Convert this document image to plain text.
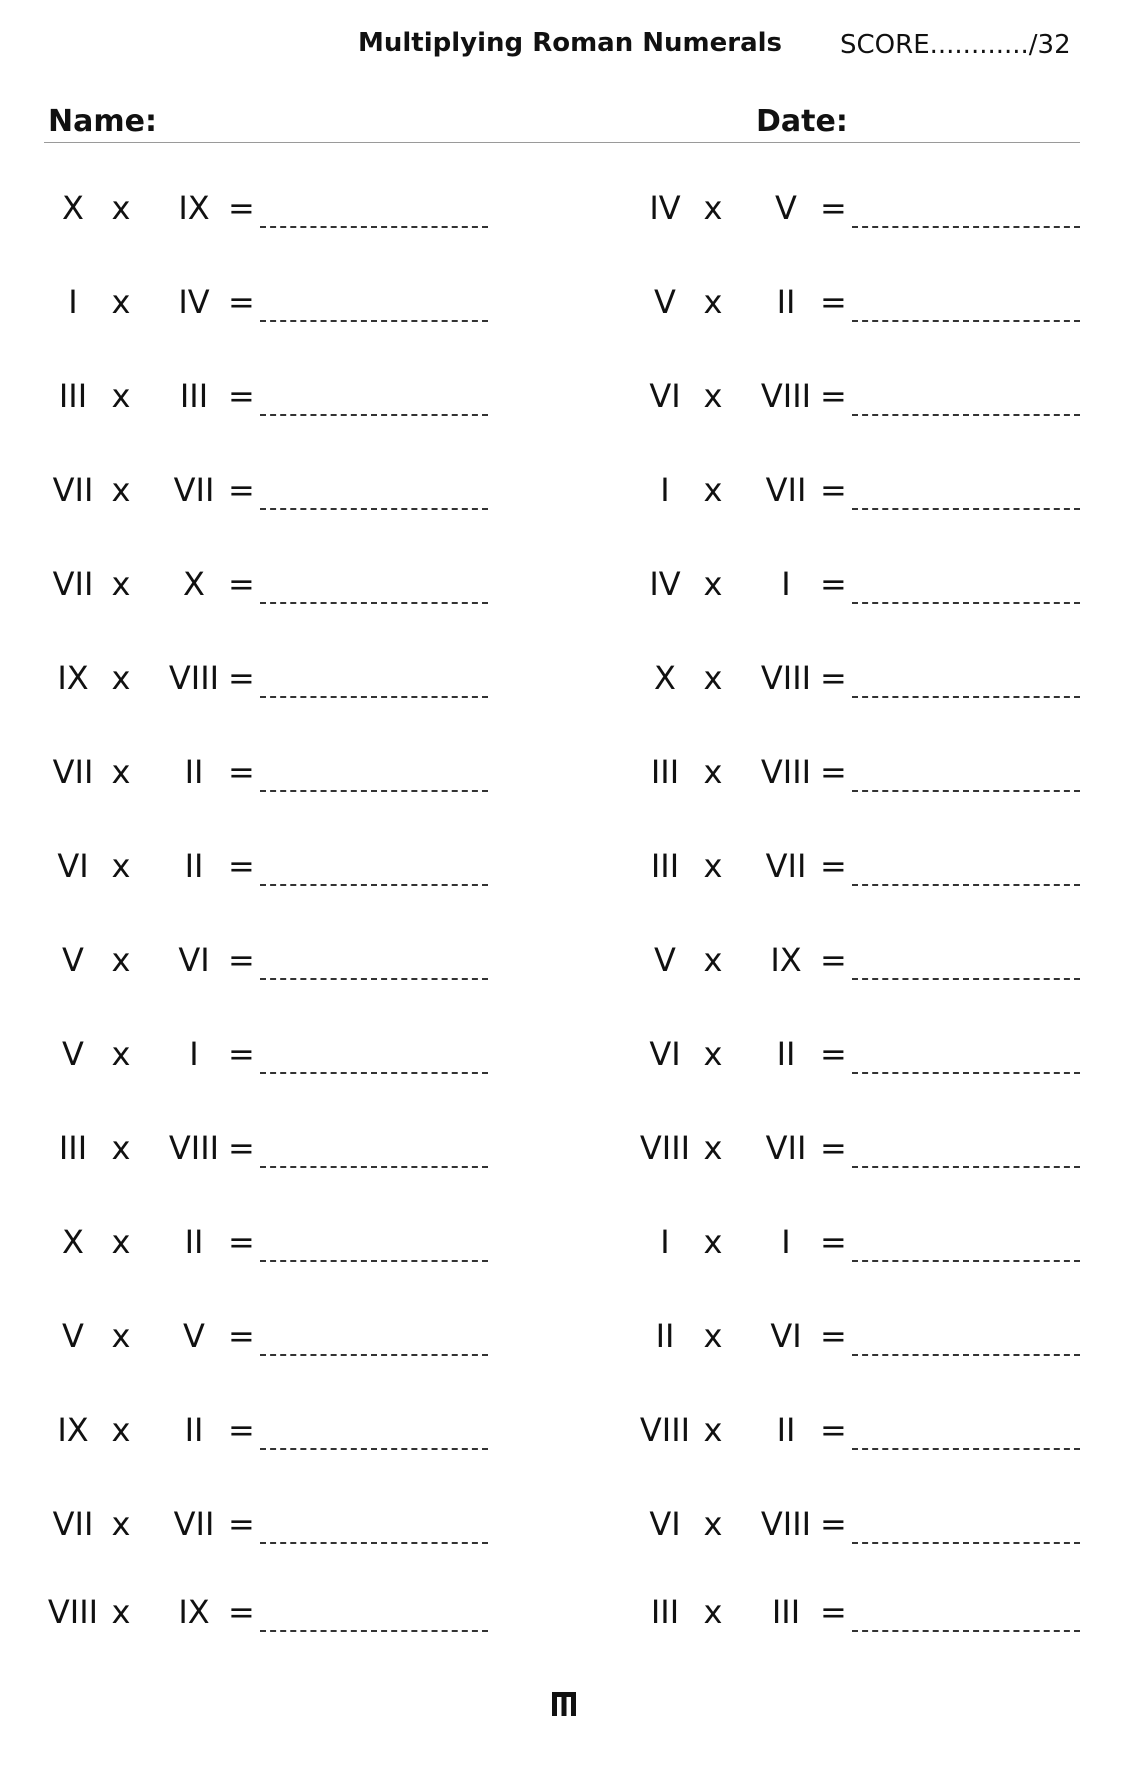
Multiplying Roman Numerals SCORE............/32
Name:	Date:
X x	IX =
I	x	IV =
III x	III =
VII x	VII =
VII x	X =
IX x VIII =
VII x	II =
VI x	II =
V x	VI =
V x	I =
III x VIII =
X x	II =
V x	V =
IX x	II =
VII x	VII =
VIII x	IX =
IV x	V =
V x	II =
VI x VIII =
I	x	VII =
IV x	I =
X x VIII =
III x VIII =
III x	VII =
V x	IX =
VI x	II =
VIII x	VII =
I	x	I =
II x	VI =
VIII x	II =
VI x VIII =
III x	III =
